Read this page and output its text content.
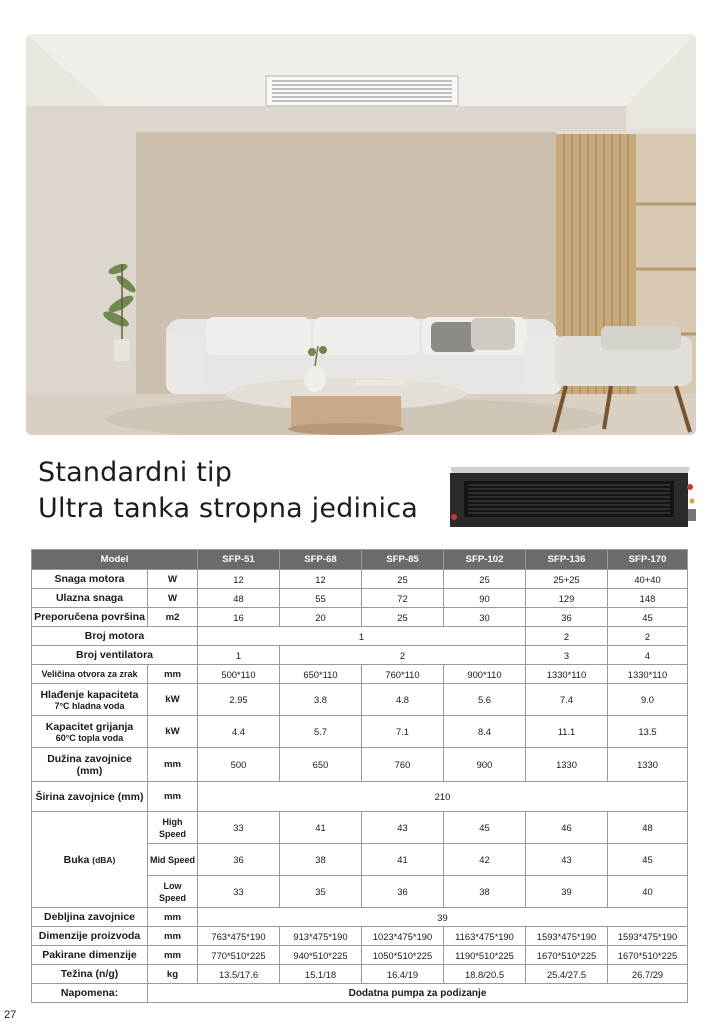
Standardni tip
Ultra tanka stropna jedinica
Model		SFP-51	SFP-68	SFP-85	SFP-102	SFP-136	SFP-170
Snaga motora	W	12	12	25	25	25+25	40+40
Ulazna snaga	W	48	55	72	90	129	148
Preporučena površina	m2	16	20	25	30	36	45
Broj motora		1				2	2
Broj ventilatora		1	2			3	4
Veličina otvora za zrak	mm	500*110	650*110	760*110	900*110	1330*110	1330*110

Hlađenje kapaciteta
7°C hladna voda	kW	2.95	3.8	4.8	5.6	7.4	9.0

Kapacitet grijanja
60°C topla voda	kW	4.4	5.7	7.1	8.4	11.1	13.5
Dužina zavojnice (mm)	mm	500	650	760	900	1330	1330
Širina zavojnice (mm)	mm	210					
Buka (dBA)	High Speed	33	41	43	45	46	48
	Mid Speed	36	38	41	42	43	45
	Low Speed	33	35	36	38	39	40
Debljina zavojnice	mm	39					
Dimenzije proizvoda	mm	763*475*190	913*475*190	1023*475*190	1163*475*190	1593*475*190	1593*475*190
Pakirane dimenzije	mm	770*510*225	940*510*225	1050*510*225	1190*510*225	1670*510*225	1670*510*225
Težina (n/g)	kg	13.5/17.6	15.1/18	16.4/19	18.8/20.5	25.4/27.5	26.7/29
Napomena:	Dodatna pumpa za podizanje						
27
